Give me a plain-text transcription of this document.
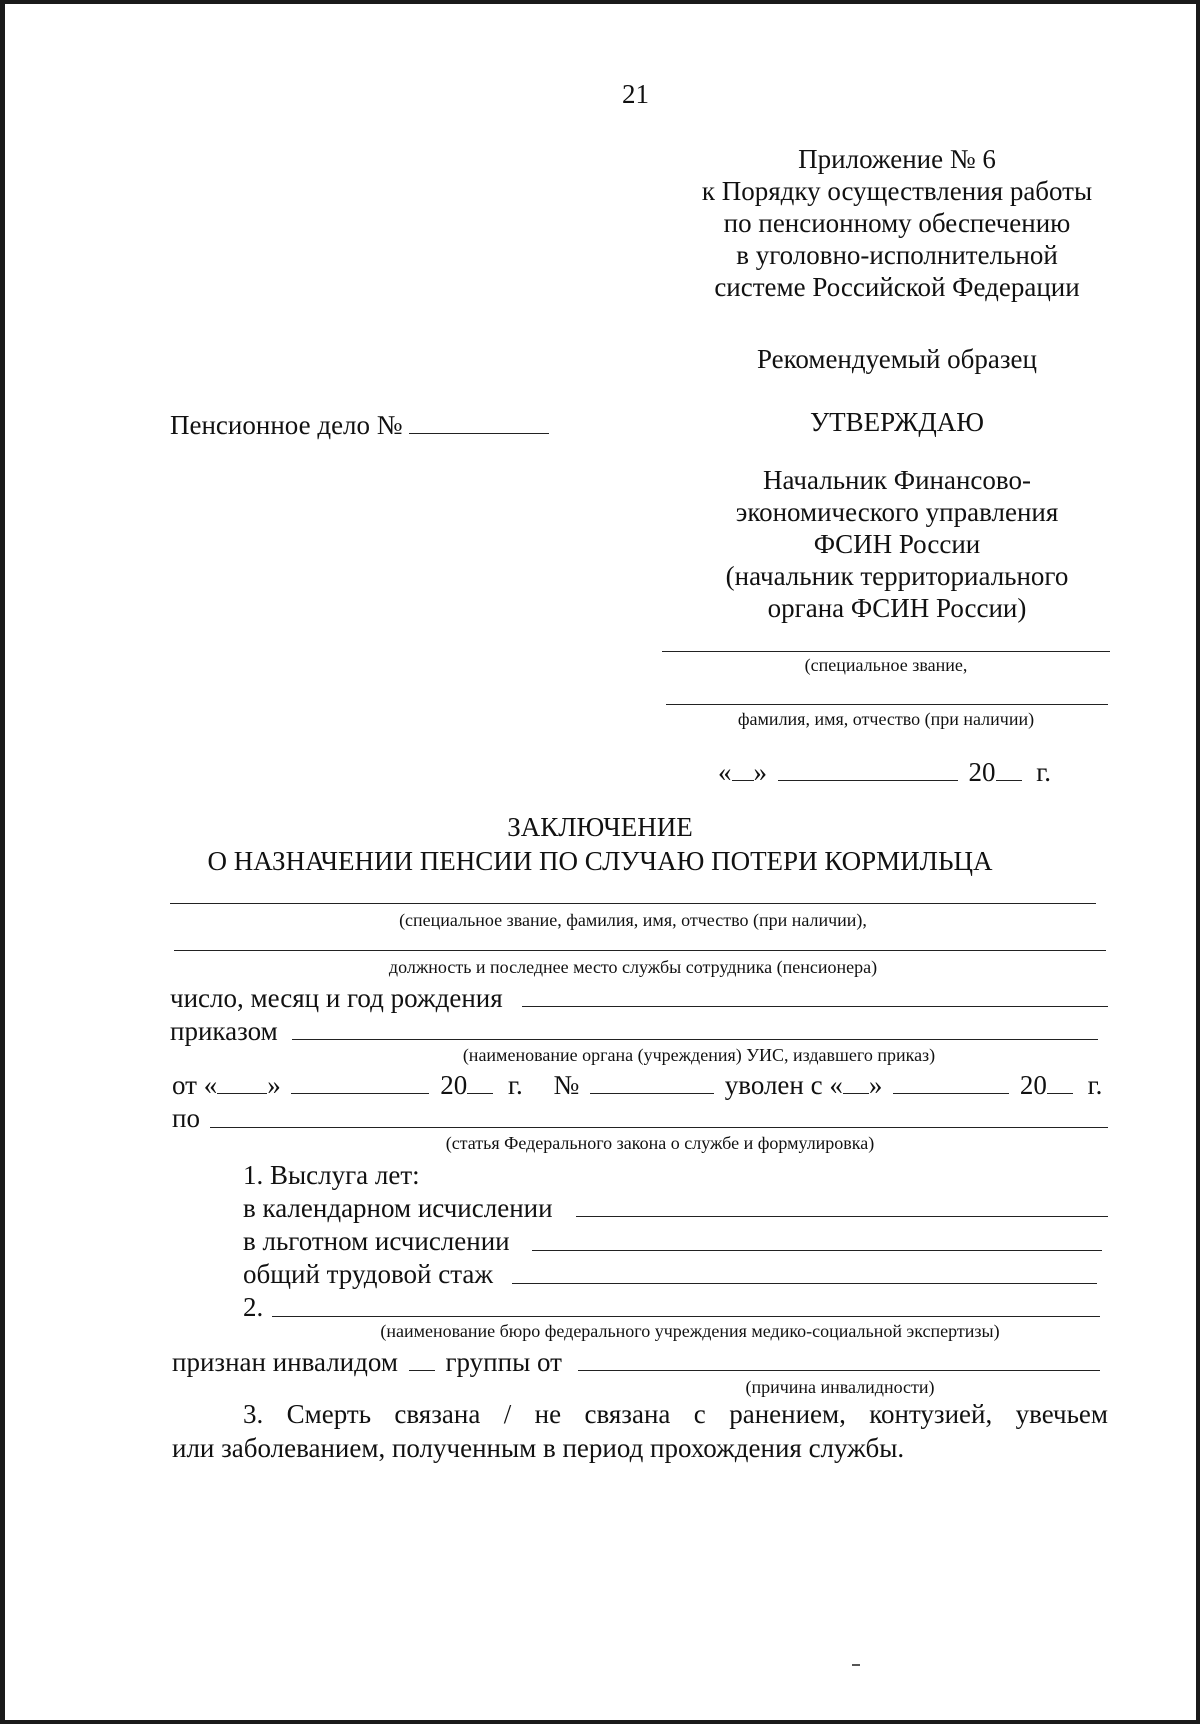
21
Приложение № 6
к Порядку осуществления работы
по пенсионному обеспечению
в уголовно-исполнительной
системе Российской Федерации
Рекомендуемый образец
Пенсионное дело №	УТВЕРЖДАЮ
Начальник Финансово-
экономического управления
ФСИН России
(начальник территориального
органа ФСИН России)
(специальное звание,
фамилия, имя, отчество (при наличии)
« »	20 г.
ЗАКЛЮЧЕНИЕ
О НАЗНАЧЕНИИ ПЕНСИИ ПО СЛУЧАЮ ПОТЕРИ КОРМИЛЬЦА
(специальное звание, фамилия, имя, отчество (при наличии),
должность и последнее место службы сотрудника (пенсионера)
число, месяц и год рождения
приказом
(наименование органа (учреждения) УИС, издавшего приказ)
от « »	20 г. №	уволен с « »	20 г.
по
(статья Федерального закона о службе и формулировка)
1. Выслуга лет:
в календарном исчислении
в льготном исчислении
общий трудовой стаж
2.
(наименование бюро федерального учреждения медико-социальной экспертизы)
признан инвалидом группы от
(причина инвалидности)
3. Смерть связана / не связана с ранением, контузией, увечьем
или заболеванием, полученным в период прохождения службы.
